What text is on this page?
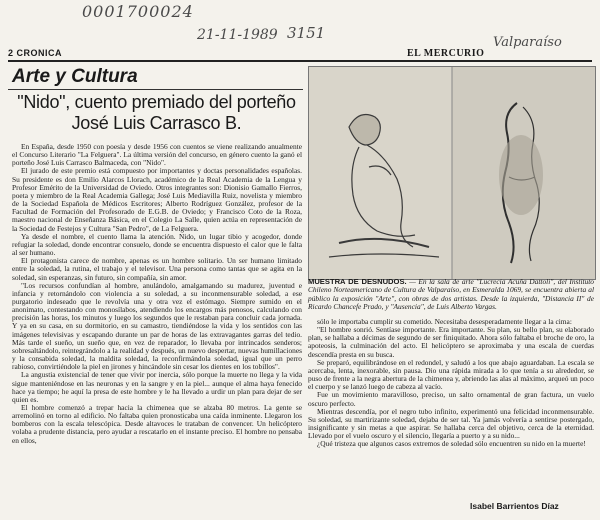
0001700024
21-11-1989 3151
Valparaíso
2 CRONICA	EL MERCURIO
Arte y Cultura
"Nido", cuento premiado del porteño José Luis Carrasco B.

En España, desde 1950 con poesía y desde 1956 con cuentos se viene realizando anualmente el Concurso Literario "La Felguera". La última versión del concurso, en género cuento la ganó el porteño José Luis Carrasco Balmaceda, con "Nido".

El jurado de este premio está compuesto por importantes y doctas personalidades españolas. Su presidente es don Emilio Alarcos Llorach, académico de la Real Academia de la Lengua y Profesor Emérito de la Universidad de Oviedo. Otros integrantes son: Dionisio Gamallo Fierros, poeta y miembro de la Real Academia Gallega; José Luis Mediavilla Ruiz, novelista y miembro de la Sociedad Española de Médicos Escritores; Alberto Rodríguez González, profesor de la Facultad de Formación del Profesorado de E.G.B. de Oviedo; y Francisco Coto de la Roza, maestro nacional de Enseñanza Básica, en el Colegio La Salle, quien actúa en representación de la Sociedad de Festejos y Cultura "San Pedro", de La Felguera.

Ya desde el nombre, el cuento llama la atención. Nido, un lugar tibio y acogedor, donde refugiar la soledad, donde encontrar consuelo, donde se encuentra dispuesto el calor que le falta al ser humano.

El protagonista carece de nombre, apenas es un hombre solitario. Un ser humano limitado entre la soledad, la rutina, el trabajo y el televisor. Una persona como tantas que se agita en la soledad, sin esperanzas, sin futuro, sin compañía, sin amor.

"Los recursos confundían al hombre, anulándolo, amalgamando su madurez, juventud e infancia y retornándolo con violencia a su soledad, a su inconmensurable soledad, a ese purgatorio indeseado que le revolvía una y otra vez el estómago. Siempre sumido en el anonimato, contestando con monosílabos, atendiendo los encargos más penosos, calculando con precisión las horas, los minutos y luego los segundos que le restaban para concluir cada jornada. Y ya en su casa, en su dormitorio, en su camastro, tiendiéndose la vida y los sentidos con las imágenes televisivas y escapando durante un par de horas de las extravagantes garras del tedio. Más tarde el sueño, un sueño que, en vez de reparador, lo llevaba por intrincados senderos; sobresaltándolo, reintegrándolo a la realidad y después, un nuevo despertar, nuevas humillaciones y la consabida soledad, la maldita soledad, la reconfirmándola soledad, igual que un perro rabioso, convirtiéndole la piel en jirones y hincándole sin cesar los dientes en los tobillos".

La angustia existencial de tener que vivir por inercia, sólo porque la muerte no llega y la vida sigue manteniéndose en las neuronas y en la sangre y en la piel... aunque el alma haya fenecido hace ya tiempo; he aquí la presa de este hombre y le ha llevado a urdir un plan para dejar de ser quien es.

El hombre comenzó a trepar hacia la chimenea que se alzaba 80 metros. La gente se arremolinó en torno al edificio. No faltaba quien pronosticaba una caída inminente. Llegaron los bomberos con la escala telescópica. Desde altavoces le trataban de convencer. Un helicóptero volaba a prudente distancia, pero ayudar a rescatarlo en el instante preciso. El hombre no pensaba en ellos,

MUESTRA DE DESNUDOS. — En la sala de arte "Lucrecia Acuña Dattoli", del Instituto Chileno Norteamericano de Cultura de Valparaíso, en Esmeralda 1069, se encuentra abierta al público la exposición "Arte", con obras de dos artistas. Desde la izquierda, "Distancia II" de Ricardo Chancefe Prado, y "Ausencia", de Luis Alberto Vargas.

sólo le importaba cumplir su cometido. Necesitaba desesperadamente llegar a la cima:

"El hombre sonrió. Sentíase importante. Era importante. Su plan, su bello plan, su elaborado plan, se hallaba a décimas de segundo de ser finiquitado. Ahora sólo faltaba el broche de oro, la apoteosis, la culminación del acto. El helicóptero se aproximaba y una escala de cuerdas descendía presta en su busca.

Se preparó, equilibrándose en el redondel, y saludó a los que abajo aguardaban. La escala se acercaba, lenta, inexorable, sin pausa. Dio una rápida mirada a lo que tenía a su alrededor, se puso de frente a la negra abertura de la chimenea y, abriendo las alas al máximo, arqueó un poco el cuerpo y se lanzó luego de cabeza al vacío.

Fue un movimiento maravilloso, preciso, un salto ornamental de gran factura, un vuelo oscuro perfecto.

Mientras descendía, por el negro tubo infinito, experimentó una felicidad inconmensurable. Su soledad, su martirizante soledad, dejaba de ser tal. Ya jamás volvería a sentirse postergado, insignificante y sin metas a que aspirar. Se hallaba cerca del objetivo, cerca de la eternidad. Llevado por el vuelo oscuro y el silencio, llegaría a puerto y a su nido...

¿Qué tristeza que algunos casos extremos de soledad sólo encuentren su nido en la muerte!

Isabel Barrientos Díaz
